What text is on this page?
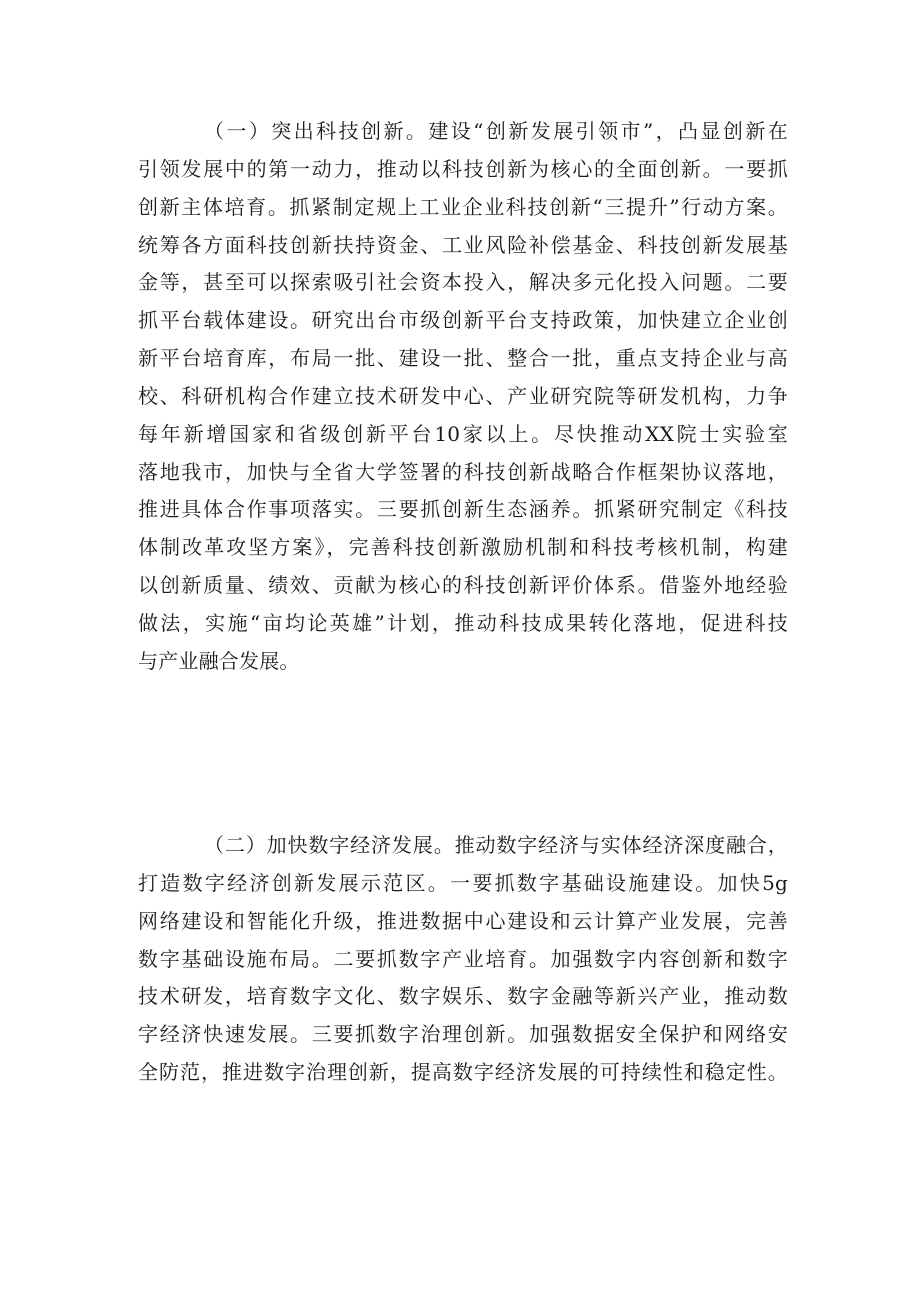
（一）突出科技创新。建设“创新发展引领市”，凸显创新在
引领发展中的第一动力，推动以科技创新为核心的全面创新。一要抓
创新主体培育。抓紧制定规上工业企业科技创新“三提升”行动方案。
统筹各方面科技创新扶持资金、工业风险补偿基金、科技创新发展基
金等，甚至可以探索吸引社会资本投入，解决多元化投入问题。二要
抓平台载体建设。研究出台市级创新平台支持政策，加快建立企业创
新平台培育库，布局一批、建设一批、整合一批，重点支持企业与高
校、科研机构合作建立技术研发中心、产业研究院等研发机构，力争
每年新增国家和省级创新平台10家以上。尽快推动XX院士实验室
落地我市，加快与全省大学签署的科技创新战略合作框架协议落地，
推进具体合作事项落实。三要抓创新生态涵养。抓紧研究制定《科技
体制改革攻坚方案》，完善科技创新激励机制和科技考核机制，构建
以创新质量、绩效、贡献为核心的科技创新评价体系。借鉴外地经验
做法，实施“亩均论英雄”计划，推动科技成果转化落地，促进科技
与产业融合发展。
（二）加快数字经济发展。推动数字经济与实体经济深度融合，
打造数字经济创新发展示范区。一要抓数字基础设施建设。加快5g
网络建设和智能化升级，推进数据中心建设和云计算产业发展，完善
数字基础设施布局。二要抓数字产业培育。加强数字内容创新和数字
技术研发，培育数字文化、数字娱乐、数字金融等新兴产业，推动数
字经济快速发展。三要抓数字治理创新。加强数据安全保护和网络安
全防范，推进数字治理创新，提高数字经济发展的可持续性和稳定性。
